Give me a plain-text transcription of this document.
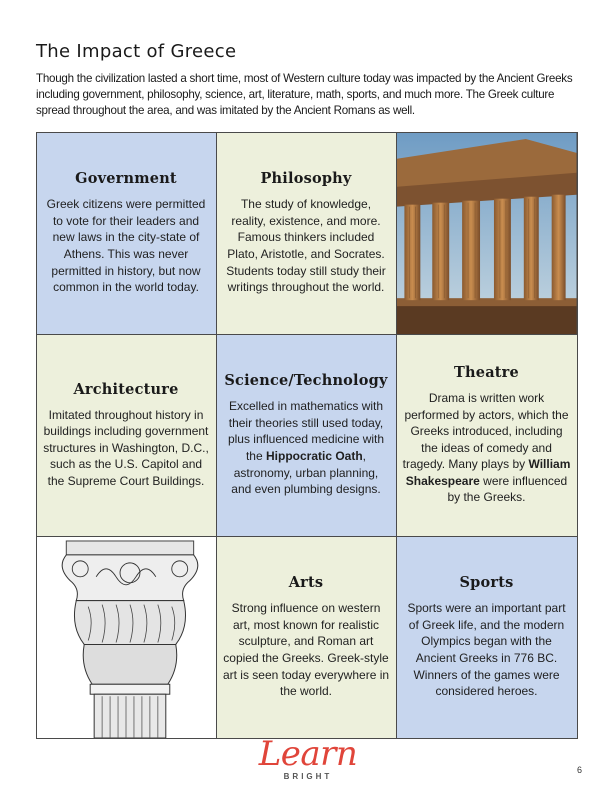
The Impact of Greece
Though the civilization lasted a short time, most of Western culture today was impacted by the Ancient Greeks including government, philosophy, science, art, literature, math, sports, and much more. The Greek culture spread throughout the area, and was imitated by the Ancient Romans as well.
Government
Greek citizens were permitted to vote for their leaders and new laws in the city-state of Athens. This was never permitted in history, but now common in the world today.
Philosophy
The study of knowledge, reality, existence, and more. Famous thinkers included Plato, Aristotle, and Socrates. Students today still study their writings throughout the world.
Architecture
Imitated throughout history in buildings including government structures in Washington, D.C., such as the U.S. Capitol and the Supreme Court Buildings.
Science/Technology
Excelled in mathematics with their theories still used today, plus influenced medicine with the Hippocratic Oath, astronomy, urban planning, and even plumbing designs.
Theatre
Drama is written work performed by actors, which the Greeks introduced, including the ideas of comedy and tragedy. Many plays by William Shakespeare were influenced by the Greeks.
Arts
Strong influence on western art, most known for realistic sculpture, and Roman art copied the Greeks. Greek-style art is seen today everywhere in the world.
Sports
Sports were an important part of Greek life, and the modern Olympics began with the Ancient Greeks in 776 BC. Winners of the games were considered heroes.
Learn
BRIGHT
6
